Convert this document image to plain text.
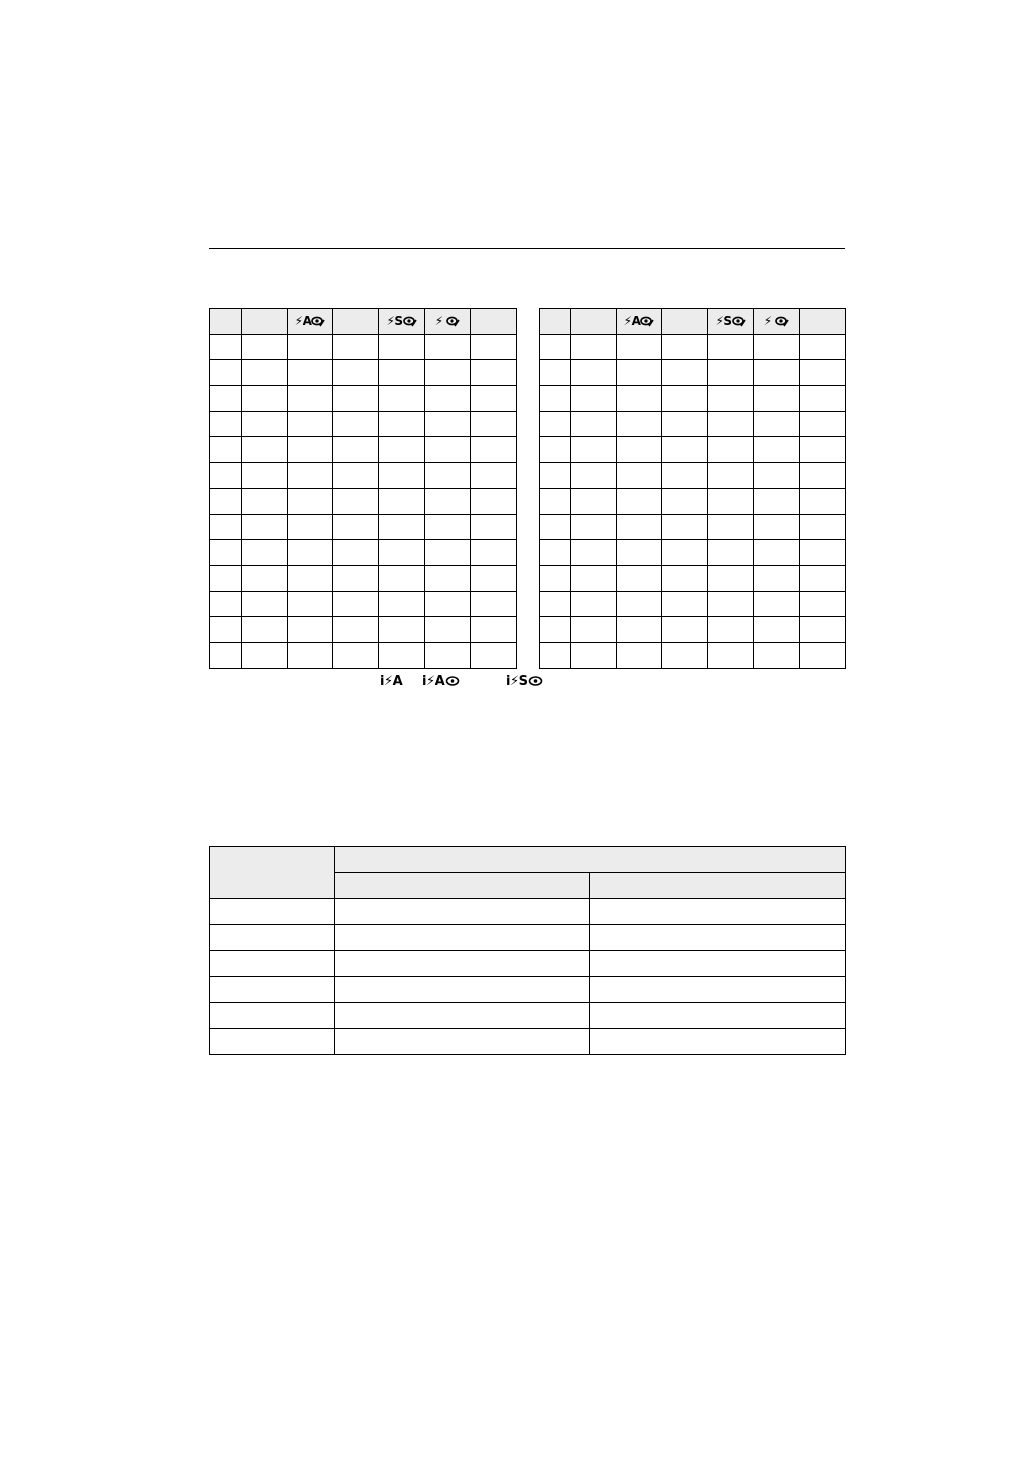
		⚡ A		⚡ S	⚡	

		⚡ A		⚡ S	⚡	

i ⚡ A i ⚡ A	i ⚡ S
